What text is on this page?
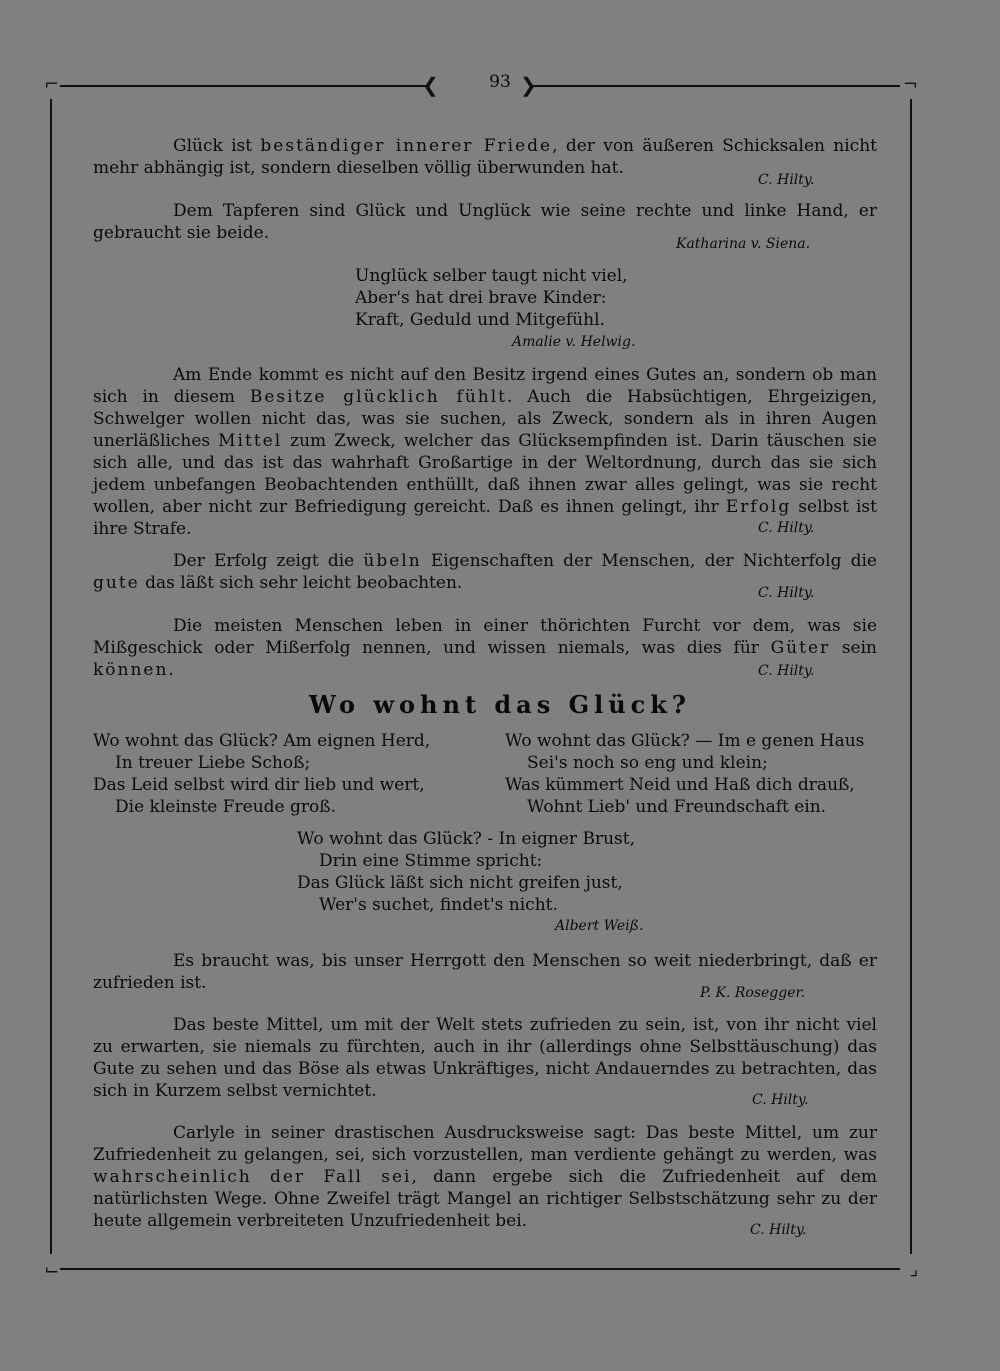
⌐	¬
⌙	⌟
❮	❯
93
Glück ist beständiger innerer Friede, der von äußeren Schicksalen nicht mehr abhängig ist, sondern dieselben völlig überwunden hat.
C. Hilty.
Dem Tapferen sind Glück und Unglück wie seine rechte und linke Hand, er gebraucht sie beide.
Katharina v. Siena.
Unglück selber taugt nicht viel,
Aber's hat drei brave Kinder:
Kraft, Geduld und Mitgefühl.
Amalie v. Helwig.
Am Ende kommt es nicht auf den Besitz irgend eines Gutes an, sondern ob man sich in diesem Besitze glücklich fühlt. Auch die Habsüchtigen, Ehrgeizigen, Schwelger wollen nicht das, was sie suchen, als Zweck, sondern als in ihren Augen unerläßliches Mittel zum Zweck, welcher das Glücksempfinden ist. Darin täuschen sie sich alle, und das ist das wahrhaft Großartige in der Weltordnung, durch das sie sich jedem unbefangen Beobachtenden enthüllt, daß ihnen zwar alles gelingt, was sie recht wollen, aber nicht zur Befriedigung gereicht. Daß es ihnen gelingt, ihr Erfolg selbst ist ihre Strafe.	C. Hilty.
Der Erfolg zeigt die übeln Eigenschaften der Menschen, der Nichterfolg die gute das läßt sich sehr leicht beobachten.	C. Hilty.
Die meisten Menschen leben in einer thörichten Furcht vor dem, was sie Mißgeschick oder Mißerfolg nennen, und wissen niemals, was dies für Güter sein können.	C. Hilty.
Wo wohnt das Glück?
Wo wohnt das Glück? Am eignen Herd,
In treuer Liebe Schoß;
Das Leid selbst wird dir lieb und wert,
Die kleinste Freude groß.
Wo wohnt das Glück? — Im e genen Haus
Sei's noch so eng und klein;
Was kümmert Neid und Haß dich drauß,
Wohnt Lieb' und Freundschaft ein.
Wo wohnt das Glück? - In eigner Brust,
Drin eine Stimme spricht:
Das Glück läßt sich nicht greifen just,
Wer's suchet, findet's nicht.
Albert Weiß.
Es braucht was, bis unser Herrgott den Menschen so weit niederbringt, daß er zufrieden ist.	P. K. Rosegger.
Das beste Mittel, um mit der Welt stets zufrieden zu sein, ist, von ihr nicht viel zu erwarten, sie niemals zu fürchten, auch in ihr (allerdings ohne Selbsttäuschung) das Gute zu sehen und das Böse als etwas Unkräftiges, nicht Andauerndes zu betrachten, das sich in Kurzem selbst vernichtet.	C. Hilty.
Carlyle in seiner drastischen Ausdrucksweise sagt: Das beste Mittel, um zur Zufriedenheit zu gelangen, sei, sich vorzustellen, man verdiente gehängt zu werden, was wahrscheinlich der Fall sei, dann ergebe sich die Zufriedenheit auf dem natürlichsten Wege. Ohne Zweifel trägt Mangel an richtiger Selbstschätzung sehr zu der heute allgemein verbreiteten Unzufriedenheit bei.	C. Hilty.
